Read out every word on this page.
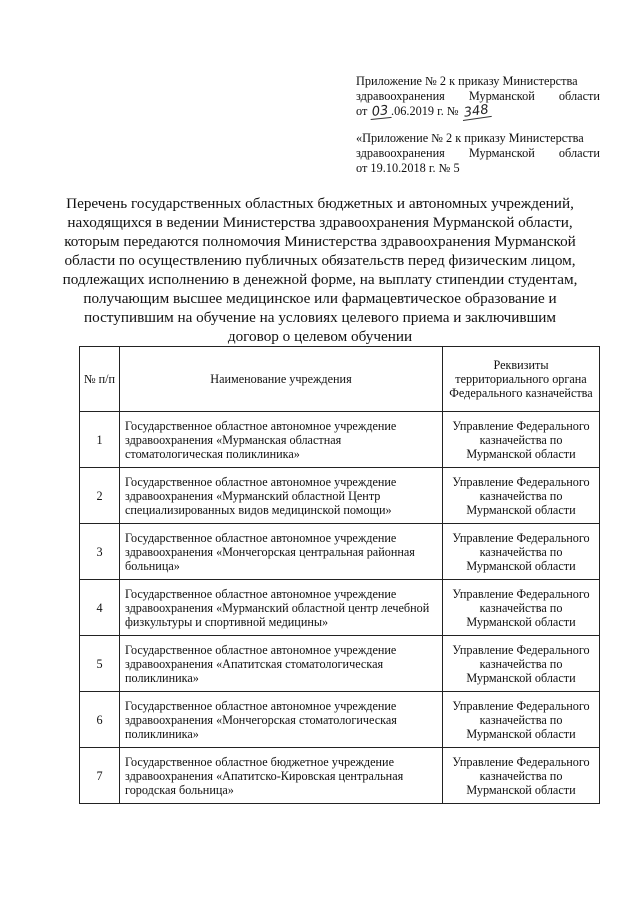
Приложение № 2 к приказу Министерства
здравоохранения Мурманской области
от 03.06.2019 г. № 348
«Приложение № 2 к приказу Министерства
здравоохранения Мурманской области
от 19.10.2018 г. № 5
Перечень государственных областных бюджетных и автономных учреждений, находящихся в ведении Министерства здравоохранения Мурманской области, которым передаются полномочия Министерства здравоохранения Мурманской области по осуществлению публичных обязательств перед физическим лицом, подлежащих исполнению в денежной форме, на выплату стипендии студентам, получающим высшее медицинское или фармацевтическое образование и поступившим на обучение на условиях целевого приема и заключившим договор о целевом обучении
№ п/п	Наименование учреждения	Реквизиты территориального органа Федерального казначейства
1	Государственное областное автономное учреждение здравоохранения «Мурманская областная стоматологическая поликлиника»	Управление Федерального казначейства по Мурманской области
2	Государственное областное автономное учреждение здравоохранения «Мурманский областной Центр специализированных видов медицинской помощи»	Управление Федерального казначейства по Мурманской области
3	Государственное областное автономное учреждение здравоохранения «Мончегорская центральная районная больница»	Управление Федерального казначейства по Мурманской области
4	Государственное областное автономное учреждение здравоохранения «Мурманский областной центр лечебной физкультуры и спортивной медицины»	Управление Федерального казначейства по Мурманской области
5	Государственное областное автономное учреждение здравоохранения «Апатитская стоматологическая поликлиника»	Управление Федерального казначейства по Мурманской области
6	Государственное областное автономное учреждение здравоохранения «Мончегорская стоматологическая поликлиника»	Управление Федерального казначейства по Мурманской области
7	Государственное областное бюджетное учреждение здравоохранения «Апатитско-Кировская центральная городская больница»	Управление Федерального казначейства по Мурманской области
